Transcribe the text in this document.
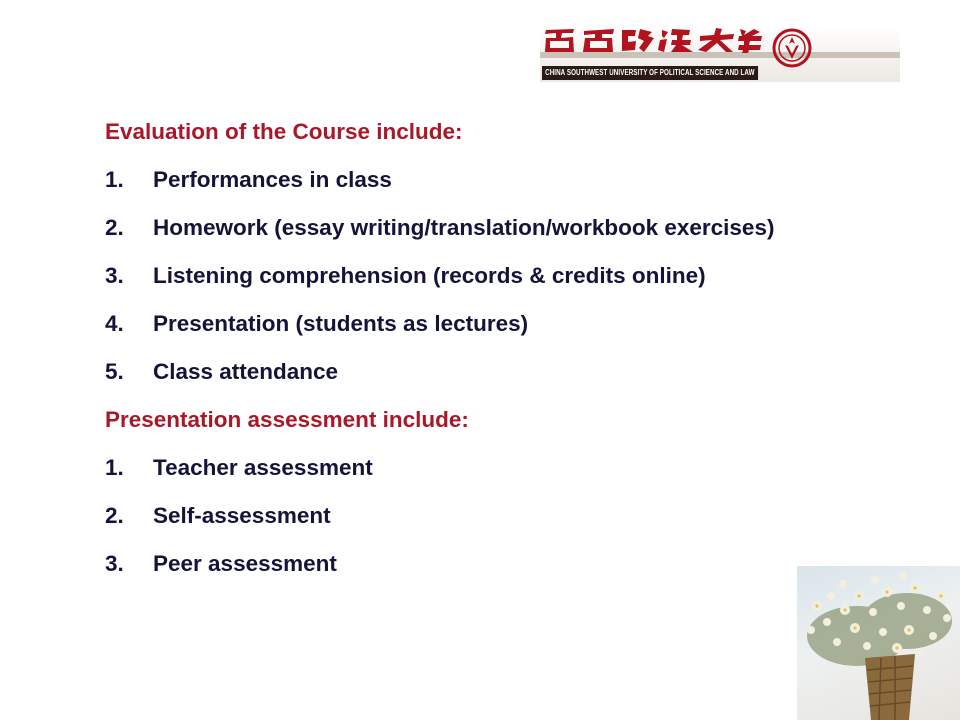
CHINA SOUTHWEST UNIVERSITY OF POLITICAL SCIENCE AND LAW
Evaluation of the Course include:
1. Performances in class
2. Homework (essay writing/translation/workbook exercises)
3. Listening comprehension (records & credits online)
4. Presentation (students as lectures)
5. Class attendance
Presentation assessment include:
1. Teacher assessment
2. Self-assessment
3. Peer assessment
